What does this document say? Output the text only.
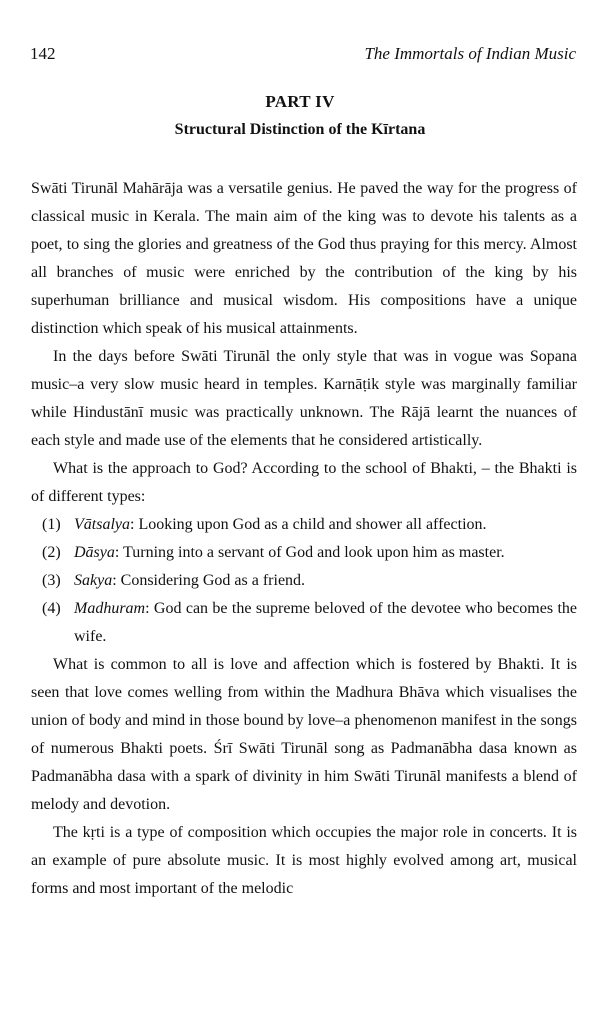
142	The Immortals of Indian Music
PART IV
Structural Distinction of the Kīrtana

Swāti Tirunāl Mahārāja was a versatile genius. He paved the way for the progress of classical music in Kerala. The main aim of the king was to devote his talents as a poet, to sing the glories and greatness of the God thus praying for this mercy. Almost all branches of music were enriched by the contribution of the king by his superhuman brilliance and musical wisdom. His compositions have a unique distinction which speak of his musical attainments.

In the days before Swāti Tirunāl the only style that was in vogue was Sopana music–a very slow music heard in temples. Karnāṭik style was marginally familiar while Hindustānī music was practically unknown. The Rājā learnt the nuances of each style and made use of the elements that he considered artistically.

What is the approach to God? According to the school of Bhakti, – the Bhakti is of different types:

(1) Vātsalya: Looking upon God as a child and shower all affection.
(2) Dāsya: Turning into a servant of God and look upon him as master.
(3) Sakya: Considering God as a friend.
(4) Madhuram: God can be the supreme beloved of the devotee who becomes the wife.

What is common to all is love and affection which is fostered by Bhakti. It is seen that love comes welling from within the Madhura Bhāva which visualises the union of body and mind in those bound by love–a phenomenon manifest in the songs of numerous Bhakti poets. Śrī Swāti Tirunāl song as Padmanābha dasa known as Padmanābha dasa with a spark of divinity in him Swāti Tirunāl manifests a blend of melody and devotion.

The kṛti is a type of composition which occupies the major role in concerts. It is an example of pure absolute music. It is most highly evolved among art, musical forms and most important of the melodic
